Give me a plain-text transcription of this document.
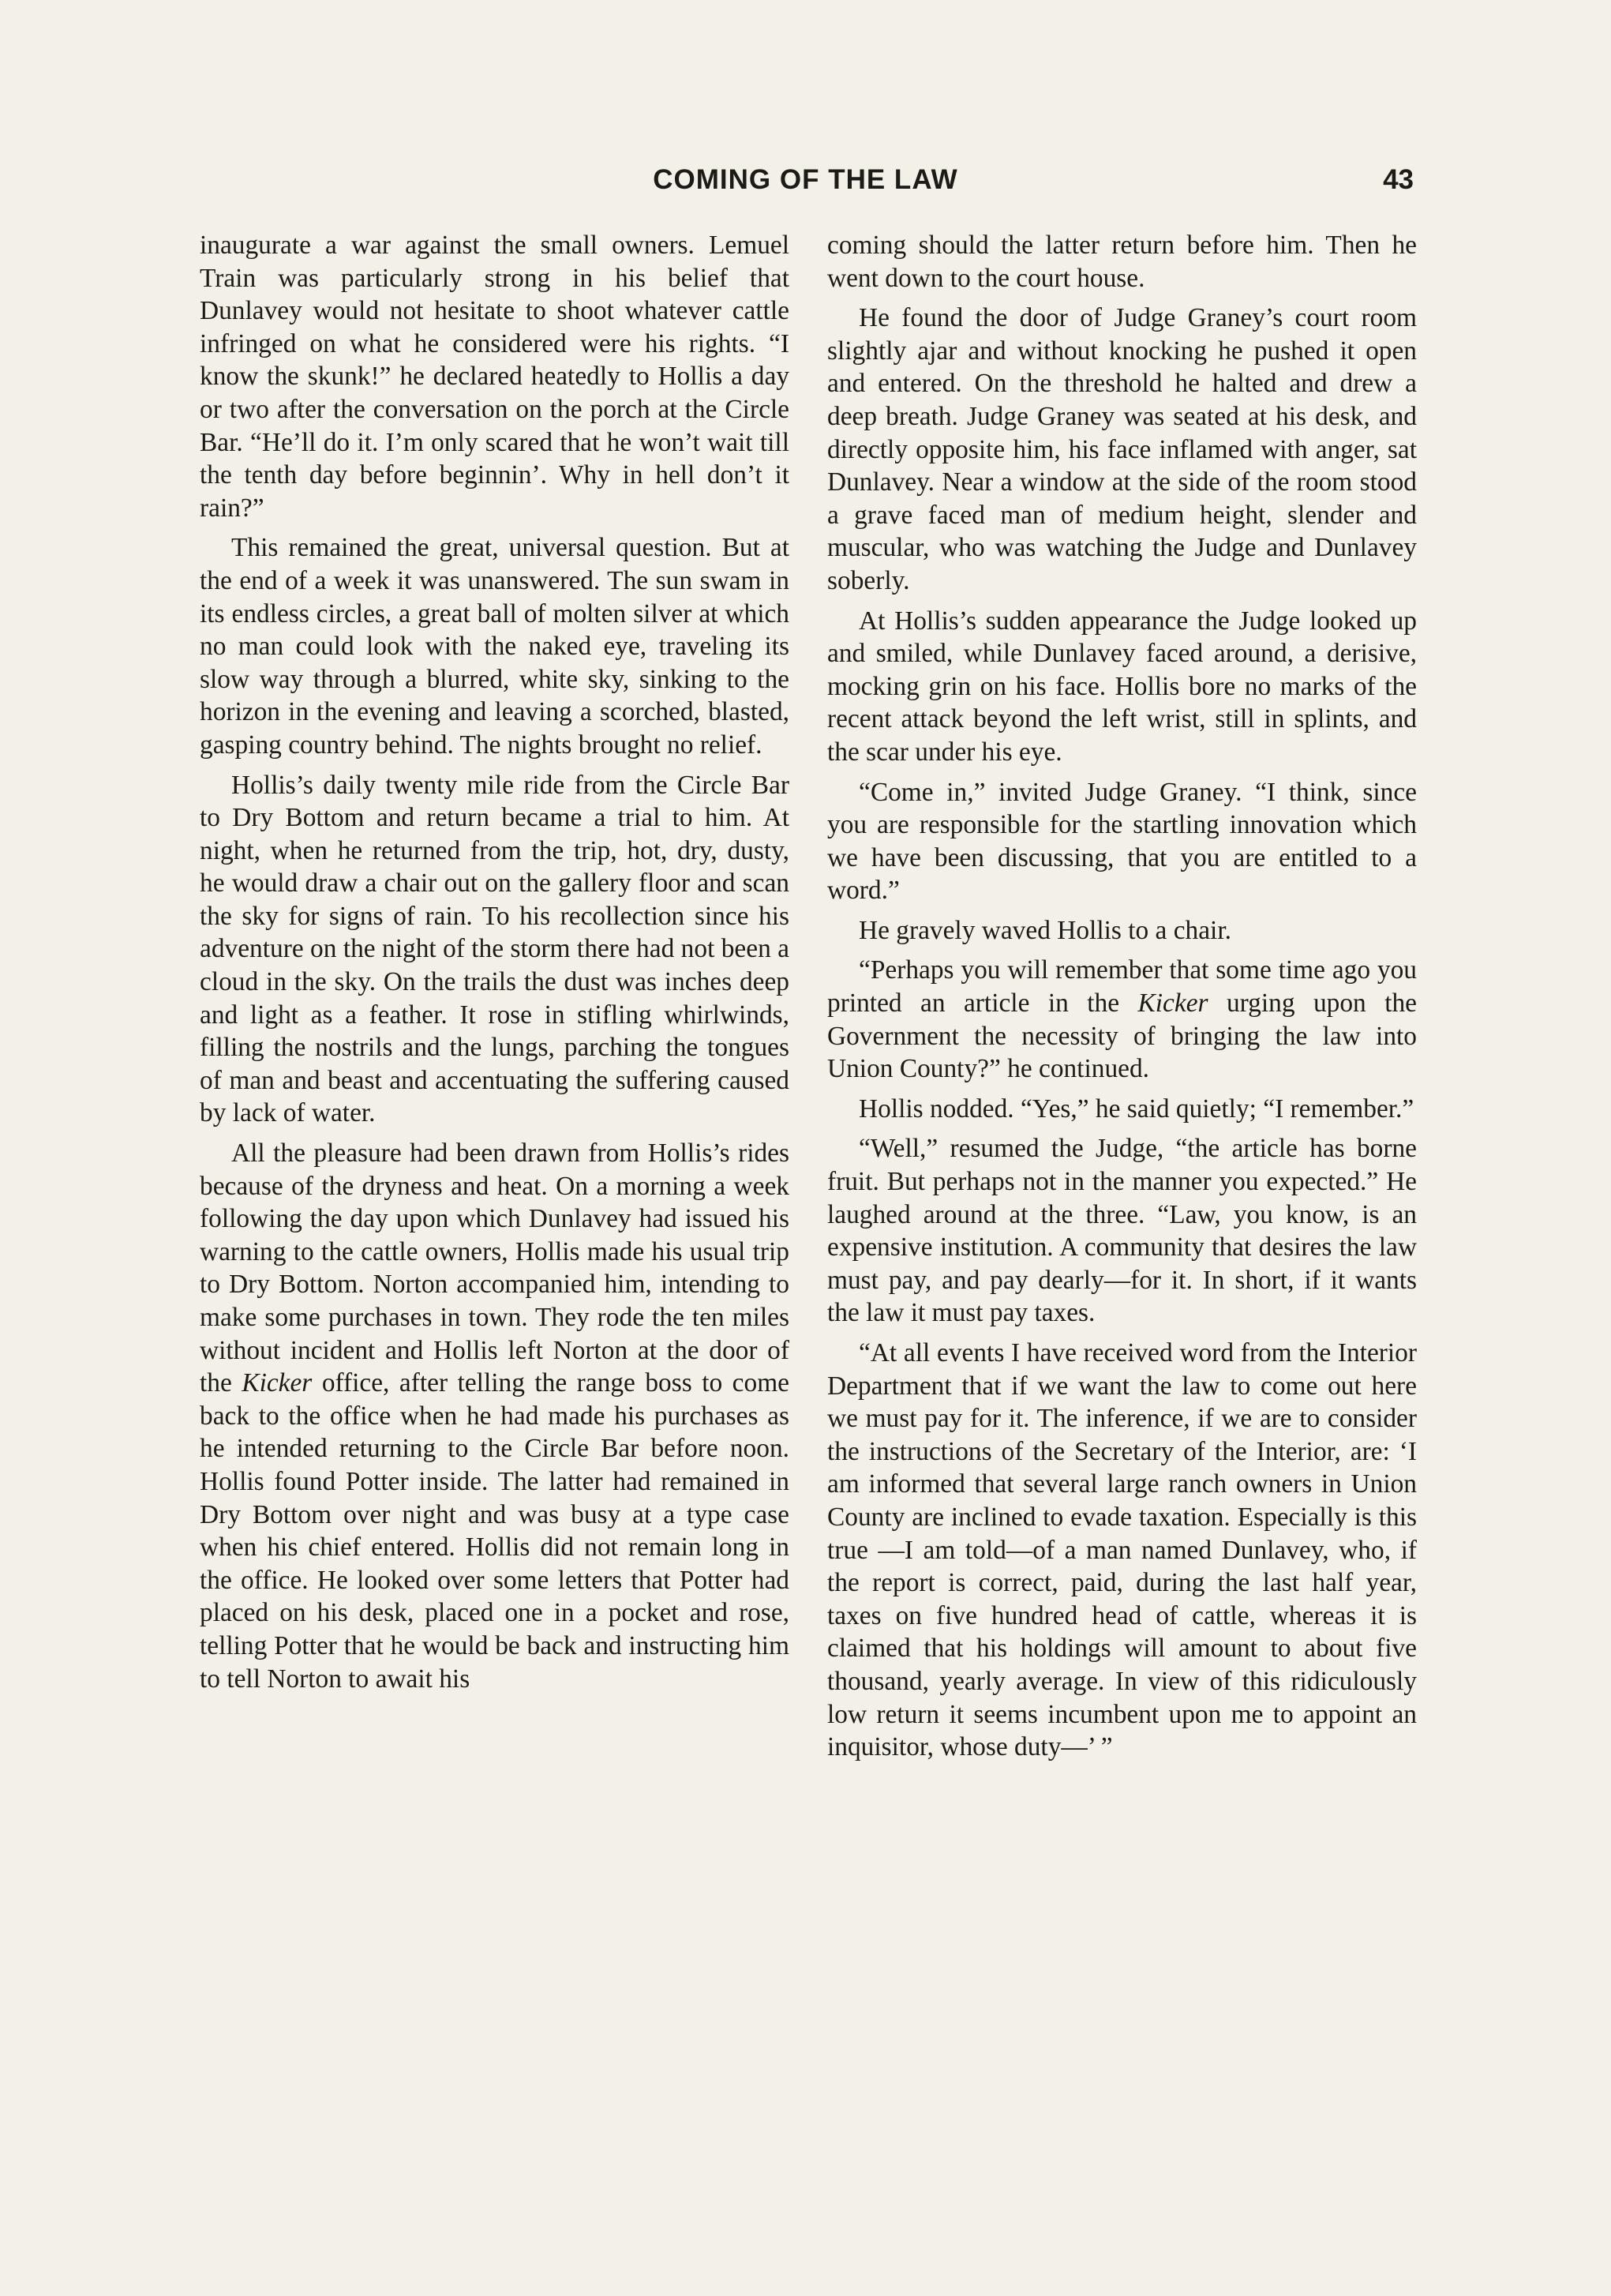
COMING OF THE LAW	43

inaugurate a war against the small owners. Lemuel Train was particularly strong in his belief that Dunlavey would not hesitate to shoot whatever cattle infringed on what he considered were his rights. “I know the skunk!” he declared heatedly to Hollis a day or two after the conversation on the porch at the Circle Bar. “He’ll do it. I’m only scared that he won’t wait till the tenth day before beginnin’. Why in hell don’t it rain?”

This remained the great, universal question. But at the end of a week it was unanswered. The sun swam in its endless circles, a great ball of molten silver at which no man could look with the naked eye, traveling its slow way through a blurred, white sky, sinking to the horizon in the evening and leaving a scorched, blasted, gasping country behind. The nights brought no relief.

Hollis’s daily twenty mile ride from the Circle Bar to Dry Bottom and return became a trial to him. At night, when he returned from the trip, hot, dry, dusty, he would draw a chair out on the gallery floor and scan the sky for signs of rain. To his recollection since his adventure on the night of the storm there had not been a cloud in the sky. On the trails the dust was inches deep and light as a feather. It rose in stifling whirlwinds, filling the nostrils and the lungs, parching the tongues of man and beast and accentuating the suffering caused by lack of water.

All the pleasure had been drawn from Hollis’s rides because of the dryness and heat. On a morning a week following the day upon which Dunlavey had issued his warning to the cattle owners, Hollis made his usual trip to Dry Bottom. Norton accompanied him, intending to make some purchases in town. They rode the ten miles without incident and Hollis left Norton at the door of the Kicker office, after telling the range boss to come back to the office when he had made his purchases as he intended returning to the Circle Bar before noon. Hollis found Potter inside. The latter had remained in Dry Bottom over night and was busy at a type case when his chief entered. Hollis did not remain long in the office. He looked over some letters that Potter had placed on his desk, placed one in a pocket and rose, telling Potter that he would be back and instructing him to tell Norton to await his

coming should the latter return before him. Then he went down to the court house.

He found the door of Judge Graney’s court room slightly ajar and without knocking he pushed it open and entered. On the threshold he halted and drew a deep breath. Judge Graney was seated at his desk, and directly opposite him, his face inflamed with anger, sat Dunlavey. Near a window at the side of the room stood a grave faced man of medium height, slender and muscular, who was watching the Judge and Dunlavey soberly.

At Hollis’s sudden appearance the Judge looked up and smiled, while Dunlavey faced around, a derisive, mocking grin on his face. Hollis bore no marks of the recent attack beyond the left wrist, still in splints, and the scar under his eye.

“Come in,” invited Judge Graney. “I think, since you are responsible for the startling innovation which we have been discussing, that you are entitled to a word.”

He gravely waved Hollis to a chair.

“Perhaps you will remember that some time ago you printed an article in the Kicker urging upon the Government the necessity of bringing the law into Union County?” he continued.

Hollis nodded. “Yes,” he said quietly; “I remember.”

“Well,” resumed the Judge, “the article has borne fruit. But perhaps not in the manner you expected.” He laughed around at the three. “Law, you know, is an expensive institution. A community that desires the law must pay, and pay dearly—for it. In short, if it wants the law it must pay taxes.

“At all events I have received word from the Interior Department that if we want the law to come out here we must pay for it. The inference, if we are to consider the instructions of the Secretary of the Interior, are: ‘I am informed that several large ranch owners in Union County are inclined to evade taxation. Especially is this true —I am told—of a man named Dunlavey, who, if the report is correct, paid, during the last half year, taxes on five hundred head of cattle, whereas it is claimed that his holdings will amount to about five thousand, yearly average. In view of this ridiculously low return it seems incumbent upon me to appoint an inquisitor, whose duty—’ ”
